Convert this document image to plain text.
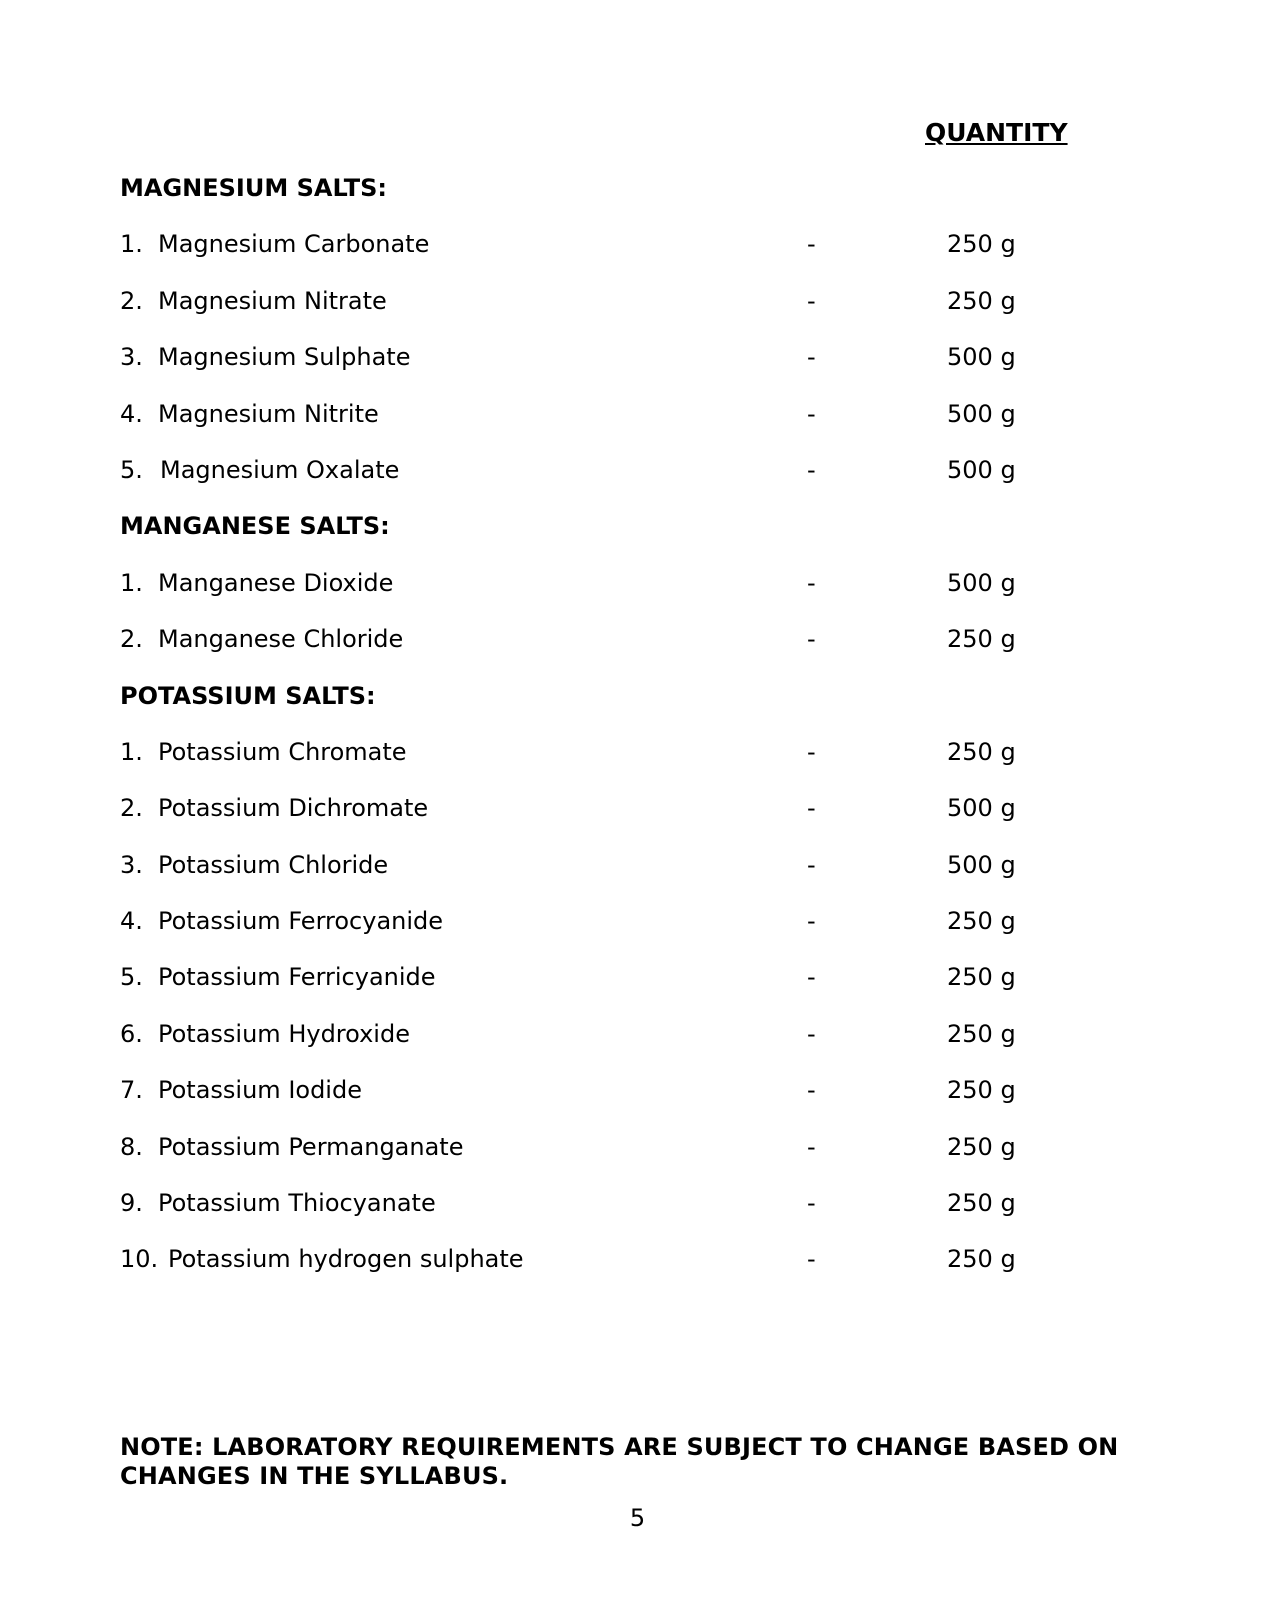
QUANTITY
MAGNESIUM SALTS:
1. Magnesium Carbonate	-	250 g
2. Magnesium Nitrate	-	250 g
3. Magnesium Sulphate	-	500 g
4. Magnesium Nitrite	-	500 g
5. Magnesium Oxalate	-	500 g
MANGANESE SALTS:
1. Manganese Dioxide	-	500 g
2. Manganese Chloride	-	250 g
POTASSIUM SALTS:
1. Potassium Chromate	-	250 g
2. Potassium Dichromate	-	500 g
3. Potassium Chloride	-	500 g
4. Potassium Ferrocyanide	-	250 g
5. Potassium Ferricyanide	-	250 g
6. Potassium Hydroxide	-	250 g
7. Potassium Iodide	-	250 g
8. Potassium Permanganate	-	250 g
9. Potassium Thiocyanate	-	250 g
10. Potassium hydrogen sulphate	-	250 g
NOTE: LABORATORY REQUIREMENTS ARE SUBJECT TO CHANGE BASED ON CHANGES IN THE SYLLABUS.
5
